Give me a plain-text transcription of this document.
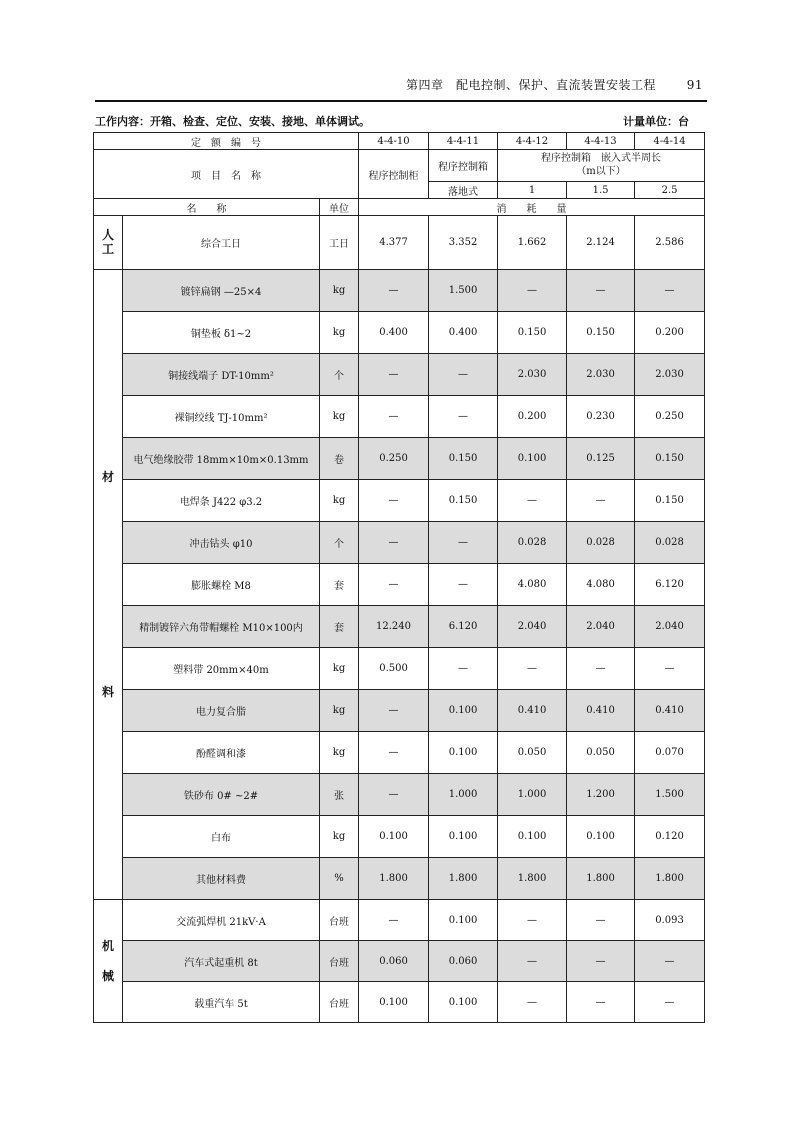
第四章　配电控制、保护、直流装置安装工程	91
工作内容：开箱、检查、定位、安装、接地、单体调试。	计量单位：台
定　额　编　号			4-4-10	4-4-11	4-4-12	4-4-13	4-4-14
项　目　名　称			程序控制柜	程序控制箱	程序控制箱　嵌入式半周长
（m以下）		

				落地式	1	1.5	2.5
名　　称		单位	消　　耗　　量				
人工	综合工日	工日	4.377	3.352	1.662	2.124	2.586

材
料	镀锌扁钢 —25×4	kg	—	1.500	—	—	—
	铜垫板 δ1~2	kg	0.400	0.400	0.150	0.150	0.200
	铜接线端子 DT-10mm²	个	—	—	2.030	2.030	2.030
	裸铜绞线 TJ-10mm²	kg	—	—	0.200	0.230	0.250
	电气绝缘胶带 18mm×10m×0.13mm	卷	0.250	0.150	0.100	0.125	0.150
	电焊条 J422 φ3.2	kg	—	0.150	—	—	0.150
	冲击钻头 φ10	个	—	—	0.028	0.028	0.028
	膨胀螺栓 M8	套	—	—	4.080	4.080	6.120
	精制镀锌六角带帽螺栓 M10×100内	套	12.240	6.120	2.040	2.040	2.040
	塑料带 20mm×40m	kg	0.500	—	—	—	—
	电力复合脂	kg	—	0.100	0.410	0.410	0.410
	酚醛调和漆	kg	—	0.100	0.050	0.050	0.070
	铁砂布 0# ~2#	张	—	1.000	1.000	1.200	1.500
	白布	kg	0.100	0.100	0.100	0.100	0.120
	其他材料费	%	1.800	1.800	1.800	1.800	1.800

机
械	交流弧焊机 21kV·A	台班	—	0.100	—	—	0.093
	汽车式起重机 8t	台班	0.060	0.060	—	—	—
	载重汽车 5t	台班	0.100	0.100	—	—	—
